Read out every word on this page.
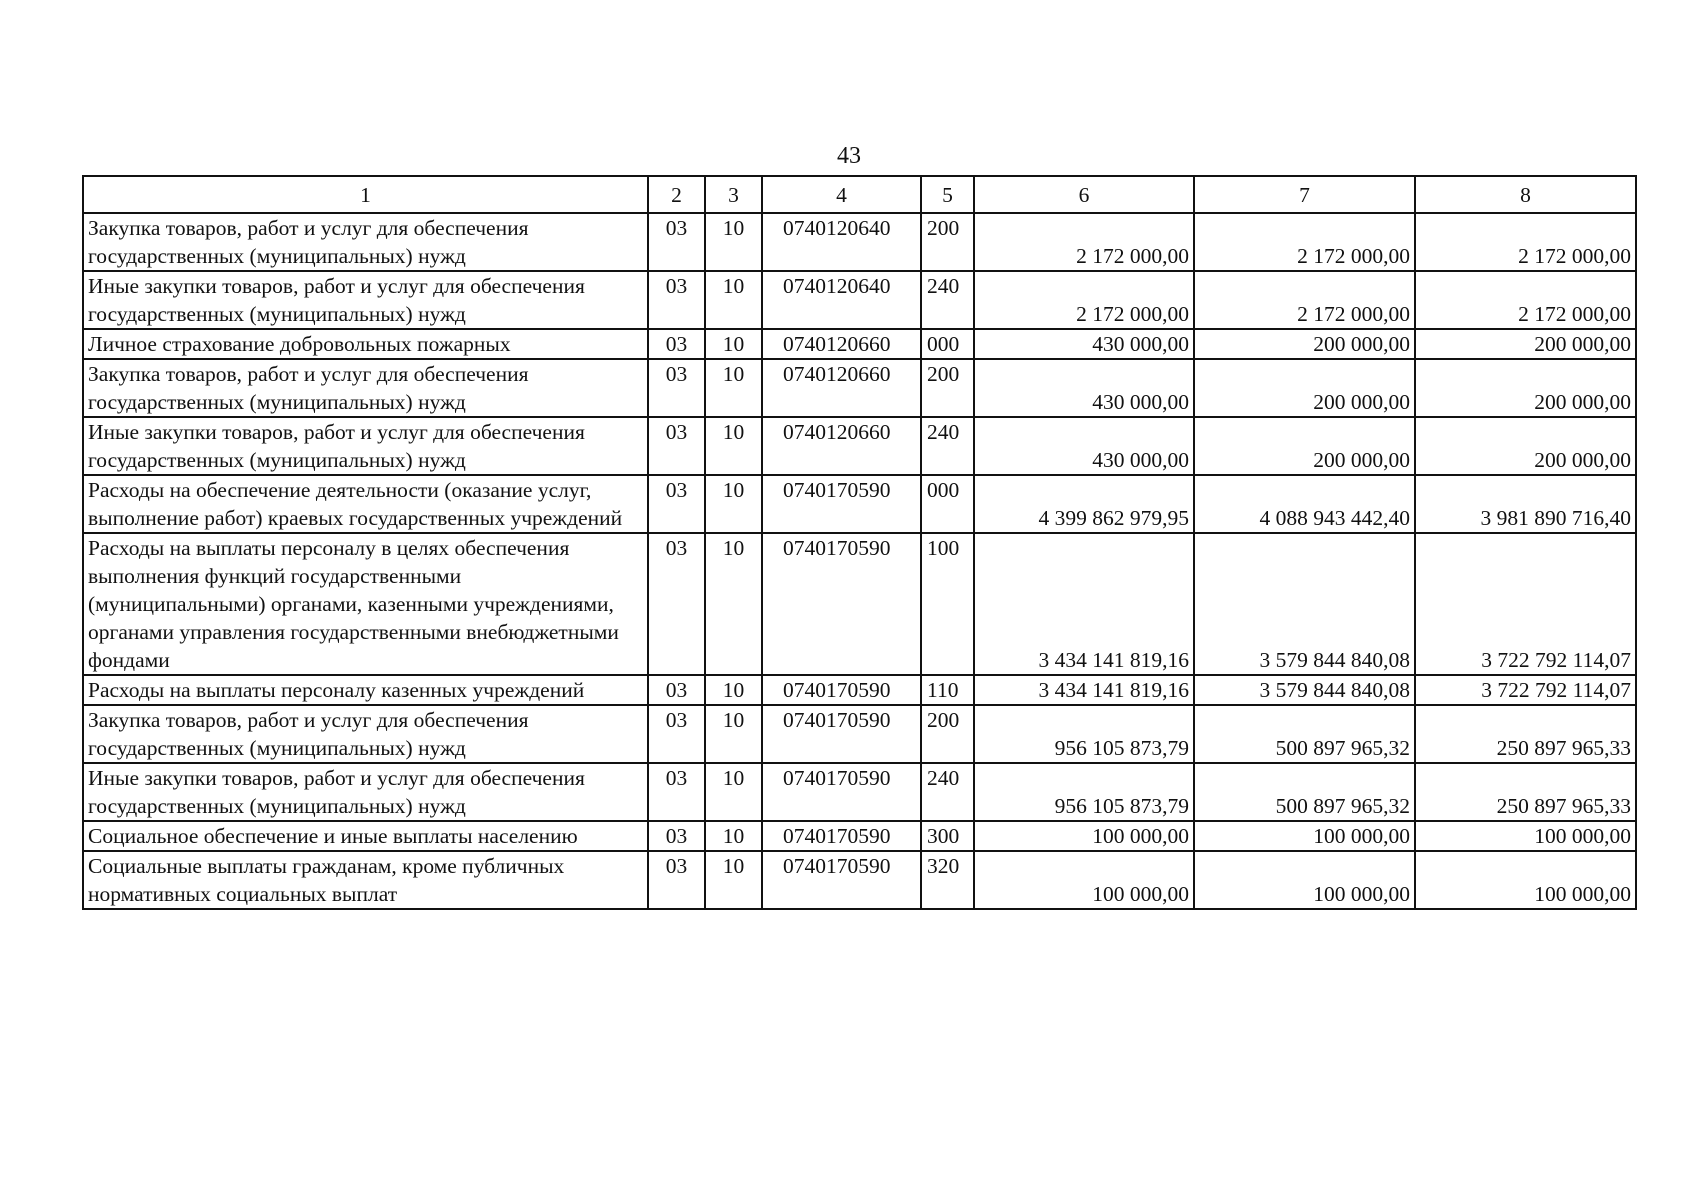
43
1	2	3	4	5	6	7	8
Закупка товаров, работ и услуг для обеспечения государственных (муниципальных) нужд	03	10	0740120640	200	2 172 000,00	2 172 000,00	2 172 000,00
Иные закупки товаров, работ и услуг для обеспечения государственных (муниципальных) нужд	03	10	0740120640	240	2 172 000,00	2 172 000,00	2 172 000,00
Личное страхование добровольных пожарных	03	10	0740120660	000	430 000,00	200 000,00	200 000,00
Закупка товаров, работ и услуг для обеспечения государственных (муниципальных) нужд	03	10	0740120660	200	430 000,00	200 000,00	200 000,00
Иные закупки товаров, работ и услуг для обеспечения государственных (муниципальных) нужд	03	10	0740120660	240	430 000,00	200 000,00	200 000,00
Расходы на обеспечение деятельности (оказание услуг, выполнение работ) краевых государственных учреждений	03	10	0740170590	000	4 399 862 979,95	4 088 943 442,40	3 981 890 716,40
Расходы на выплаты персоналу в целях обеспечения выполнения функций государственными (муниципальными) органами, казенными учреждениями, органами управления государственными внебюджетными фондами	03	10	0740170590	100	3 434 141 819,16	3 579 844 840,08	3 722 792 114,07
Расходы на выплаты персоналу казенных учреждений	03	10	0740170590	110	3 434 141 819,16	3 579 844 840,08	3 722 792 114,07
Закупка товаров, работ и услуг для обеспечения государственных (муниципальных) нужд	03	10	0740170590	200	956 105 873,79	500 897 965,32	250 897 965,33
Иные закупки товаров, работ и услуг для обеспечения государственных (муниципальных) нужд	03	10	0740170590	240	956 105 873,79	500 897 965,32	250 897 965,33
Социальное обеспечение и иные выплаты населению	03	10	0740170590	300	100 000,00	100 000,00	100 000,00
Социальные выплаты гражданам, кроме публичных нормативных социальных выплат	03	10	0740170590	320	100 000,00	100 000,00	100 000,00
